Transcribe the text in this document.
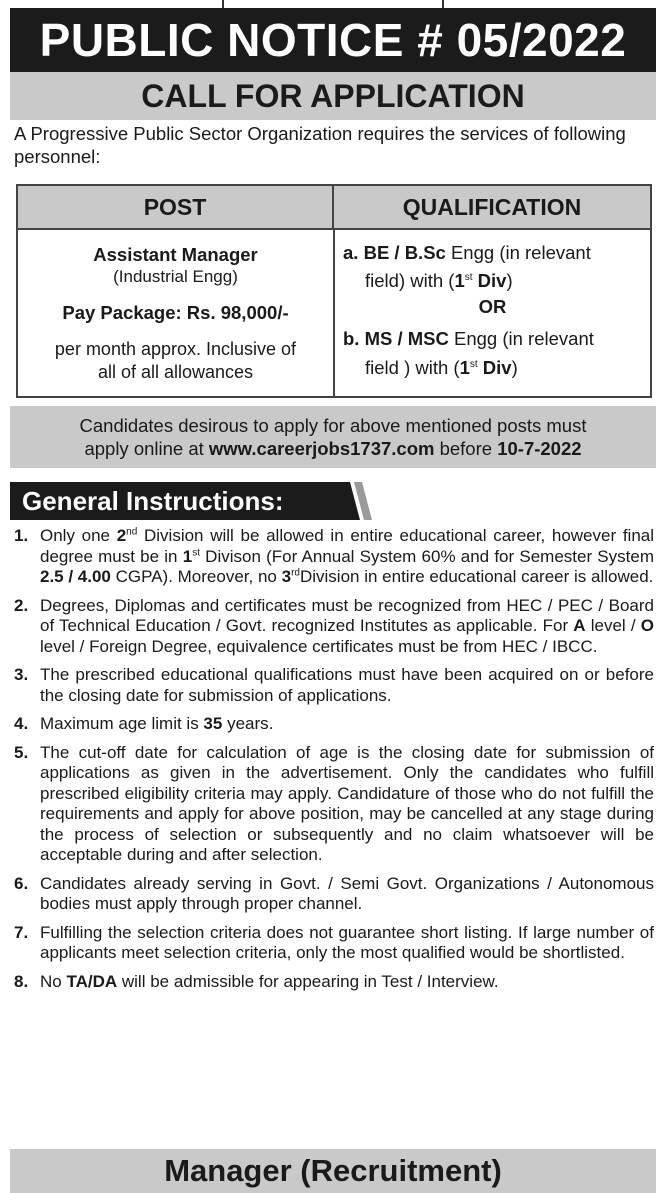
PUBLIC NOTICE # 05/2022
CALL FOR APPLICATION
A Progressive Public Sector Organization requires the services of following personnel:
POST	QUALIFICATION
Assistant Manager
(Industrial Engg)
Pay Package: Rs. 98,000/-
per month approx. Inclusive of
all of all allowances
a. BE / B.Sc Engg (in relevant
field) with (1st Div)
OR
b. MS / MSC Engg (in relevant
field ) with (1st Div)
Candidates desirous to apply for above mentioned posts must
apply online at www.careerjobs1737.com before 10-7-2022
General Instructions:
1. Only one 2nd Division will be allowed in entire educational career, however final degree must be in 1st Divison (For Annual System 60% and for Semester System 2.5 / 4.00 CGPA). Moreover, no 3rdDivision in entire educational career is allowed.
2. Degrees, Diplomas and certificates must be recognized from HEC / PEC / Board of Technical Education / Govt. recognized Institutes as applicable. For A level / O level / Foreign Degree, equivalence certificates must be from HEC / IBCC.
3. The prescribed educational qualifications must have been acquired on or before the closing date for submission of applications.
4. Maximum age limit is 35 years.
5. The cut-off date for calculation of age is the closing date for submission of applications as given in the advertisement. Only the candidates who fulfill prescribed eligibility criteria may apply. Candidature of those who do not fulfill the requirements and apply for above position, may be cancelled at any stage during the process of selection or subsequently and no claim whatsoever will be acceptable during and after selection.
6. Candidates already serving in Govt. / Semi Govt. Organizations / Autonomous bodies must apply through proper channel.
7. Fulfilling the selection criteria does not guarantee short listing. If large number of applicants meet selection criteria, only the most qualified would be shortlisted.
8. No TA/DA will be admissible for appearing in Test / Interview.
Manager (Recruitment)
